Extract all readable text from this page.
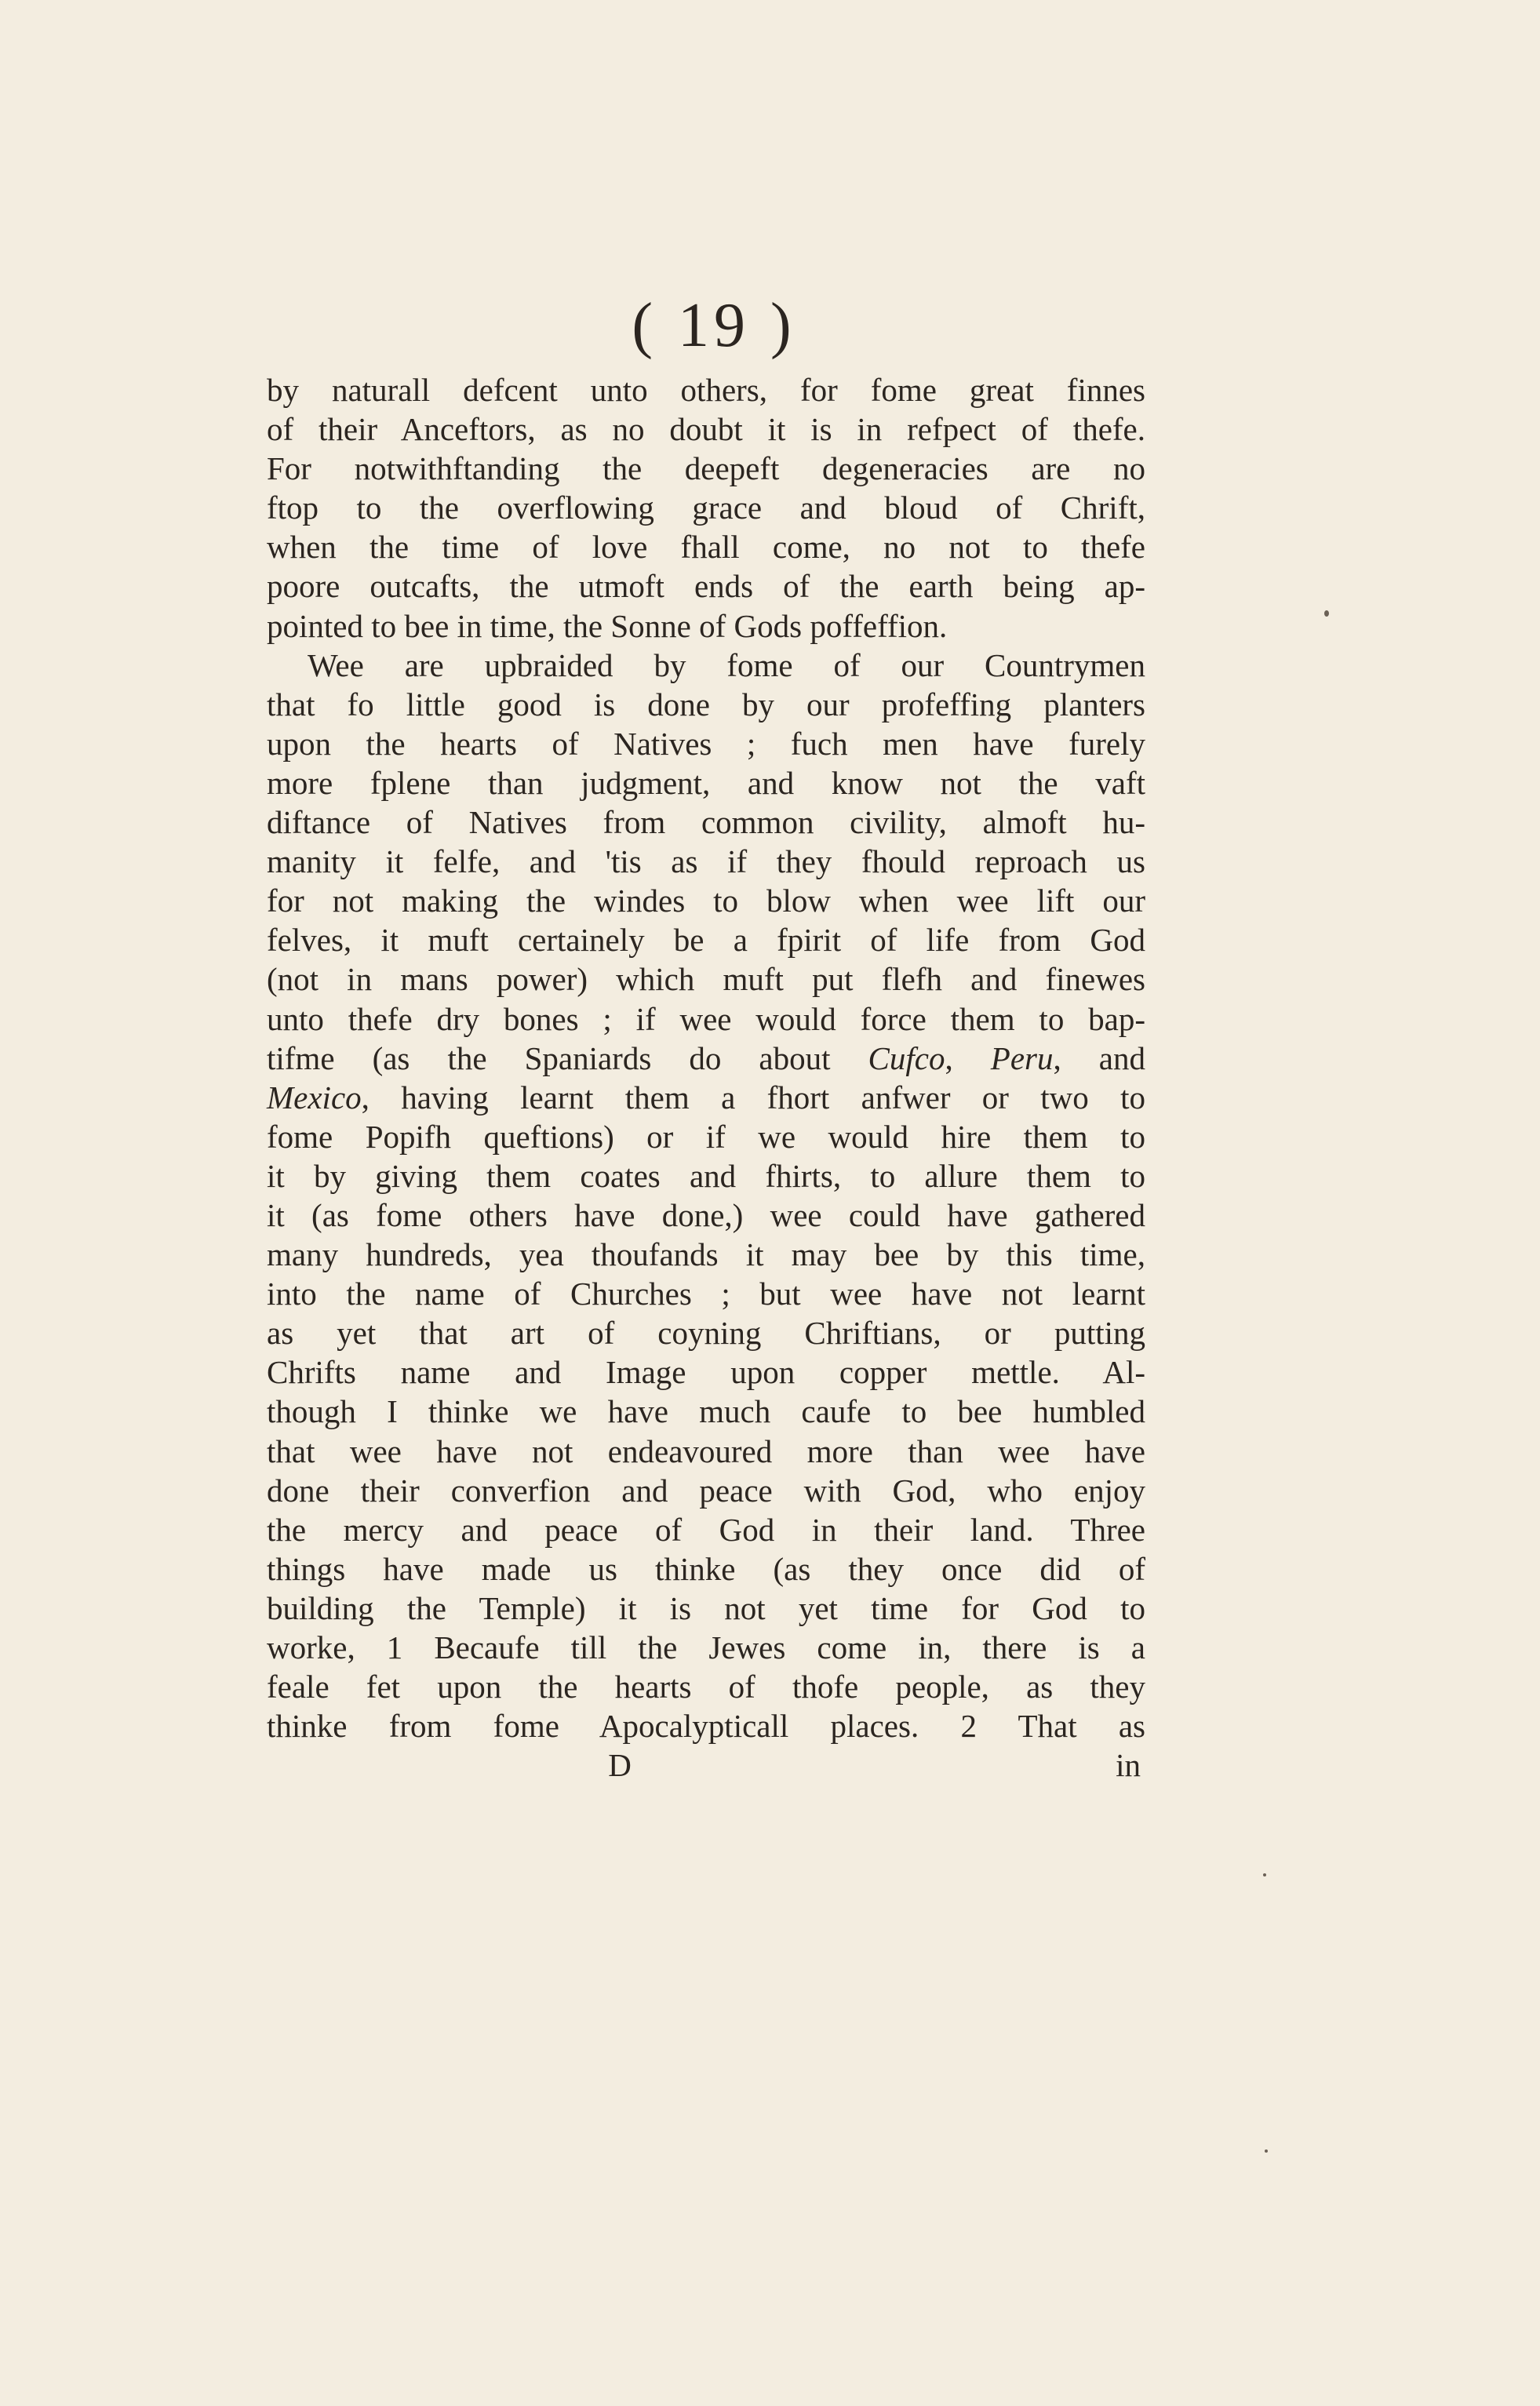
( 19 )
by naturall defcent unto others, for fome great finnes
of their Anceftors, as no doubt it is in refpect of thefe.
For notwithftanding the deepeft degeneracies are no
ftop to the overflowing grace and bloud of Chrift,
when the time of love fhall come, no not to thefe
poore outcafts, the utmoft ends of the earth being ap-
pointed to bee in time, the Sonne of Gods poffeffion.
Wee are upbraided by fome of our Countrymen
that fo little good is done by our profeffing planters
upon the hearts of Natives ; fuch men have furely
more fplene than judgment, and know not the vaft
diftance of Natives from common civility, almoft hu-
manity it felfe, and 'tis as if they fhould reproach us
for not making the windes to blow when wee lift our
felves, it muft certainely be a fpirit of life from God
(not in mans power) which muft put flefh and finewes
unto thefe dry bones ; if wee would force them to bap-
tifme (as the Spaniards do about Cufco, Peru, and
Mexico, having learnt them a fhort anfwer or two to
fome Popifh queftions) or if we would hire them to
it by giving them coates and fhirts, to allure them to
it (as fome others have done,) wee could have gathered
many hundreds, yea thoufands it may bee by this time,
into the name of Churches ; but wee have not learnt
as yet that art of coyning Chriftians, or putting
Chrifts name and Image upon copper mettle. Al-
though I thinke we have much caufe to bee humbled
that wee have not endeavoured more than wee have
done their converfion and peace with God, who enjoy
the mercy and peace of God in their land. Three
things have made us thinke (as they once did of
building the Temple) it is not yet time for God to
worke, 1 Becaufe till the Jewes come in, there is a
feale fet upon the hearts of thofe people, as they
thinke from fome Apocalypticall places. 2 That as
D	in
